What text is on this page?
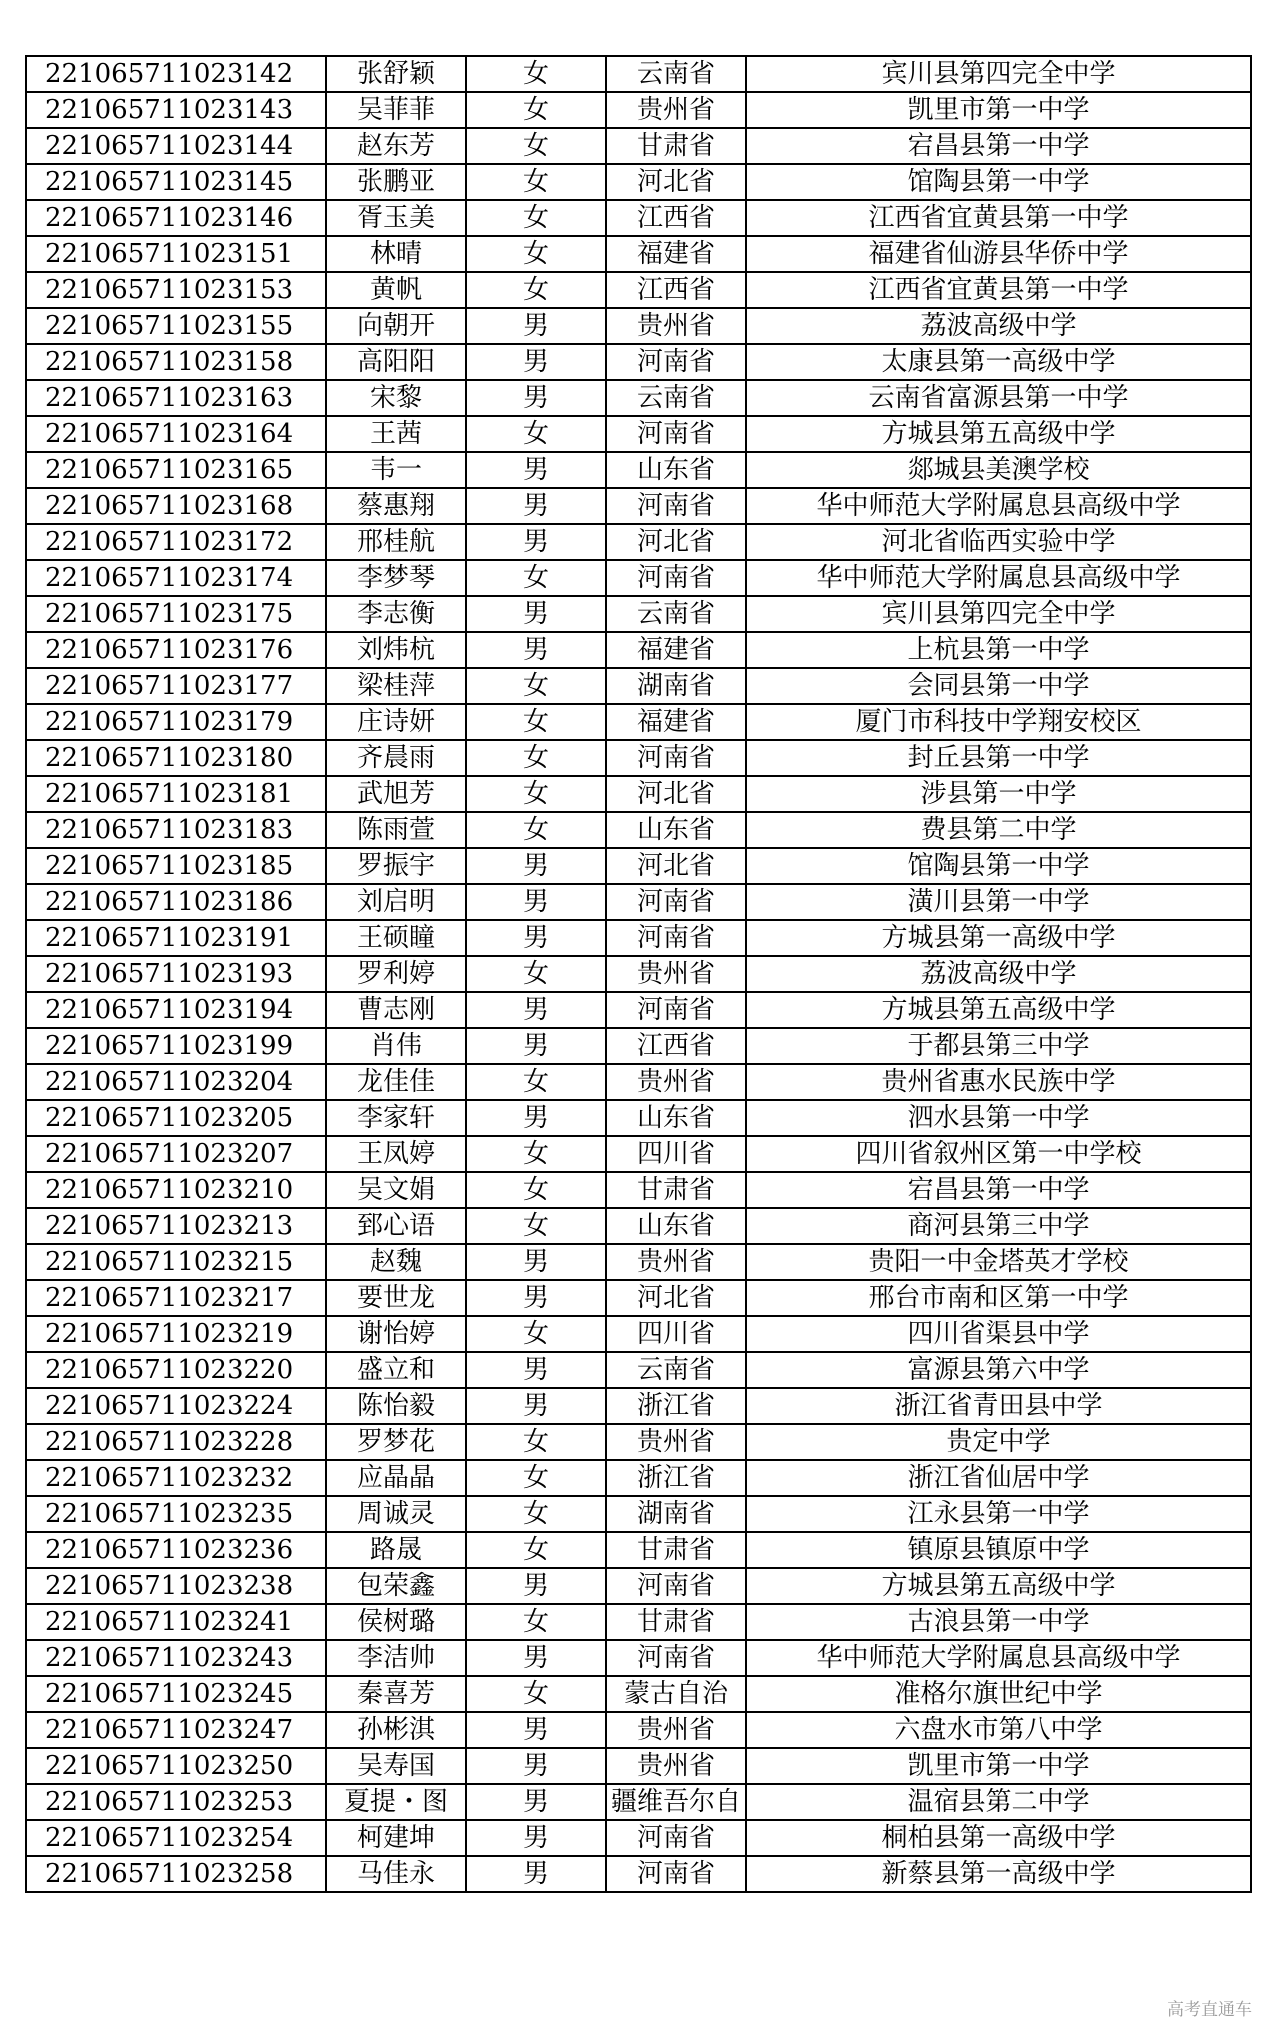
221065711023142	张舒颖	女	云南省	宾川县第四完全中学
221065711023143	吴菲菲	女	贵州省	凯里市第一中学
221065711023144	赵东芳	女	甘肃省	宕昌县第一中学
221065711023145	张鹏亚	女	河北省	馆陶县第一中学
221065711023146	胥玉美	女	江西省	江西省宜黄县第一中学
221065711023151	林晴	女	福建省	福建省仙游县华侨中学
221065711023153	黄帆	女	江西省	江西省宜黄县第一中学
221065711023155	向朝开	男	贵州省	荔波高级中学
221065711023158	高阳阳	男	河南省	太康县第一高级中学
221065711023163	宋黎	男	云南省	云南省富源县第一中学
221065711023164	王茜	女	河南省	方城县第五高级中学
221065711023165	韦一	男	山东省	郯城县美澳学校
221065711023168	蔡惠翔	男	河南省	华中师范大学附属息县高级中学
221065711023172	邢桂航	男	河北省	河北省临西实验中学
221065711023174	李梦琴	女	河南省	华中师范大学附属息县高级中学
221065711023175	李志衡	男	云南省	宾川县第四完全中学
221065711023176	刘炜杭	男	福建省	上杭县第一中学
221065711023177	梁桂萍	女	湖南省	会同县第一中学
221065711023179	庄诗妍	女	福建省	厦门市科技中学翔安校区
221065711023180	齐晨雨	女	河南省	封丘县第一中学
221065711023181	武旭芳	女	河北省	涉县第一中学
221065711023183	陈雨萱	女	山东省	费县第二中学
221065711023185	罗振宇	男	河北省	馆陶县第一中学
221065711023186	刘启明	男	河南省	潢川县第一中学
221065711023191	王硕瞳	男	河南省	方城县第一高级中学
221065711023193	罗利婷	女	贵州省	荔波高级中学
221065711023194	曹志刚	男	河南省	方城县第五高级中学
221065711023199	肖伟	男	江西省	于都县第三中学
221065711023204	龙佳佳	女	贵州省	贵州省惠水民族中学
221065711023205	李家轩	男	山东省	泗水县第一中学
221065711023207	王凤婷	女	四川省	四川省叙州区第一中学校
221065711023210	吴文娟	女	甘肃省	宕昌县第一中学
221065711023213	郅心语	女	山东省	商河县第三中学
221065711023215	赵魏	男	贵州省	贵阳一中金塔英才学校
221065711023217	要世龙	男	河北省	邢台市南和区第一中学
221065711023219	谢怡婷	女	四川省	四川省渠县中学
221065711023220	盛立和	男	云南省	富源县第六中学
221065711023224	陈怡毅	男	浙江省	浙江省青田县中学
221065711023228	罗梦花	女	贵州省	贵定中学
221065711023232	应晶晶	女	浙江省	浙江省仙居中学
221065711023235	周诚灵	女	湖南省	江永县第一中学
221065711023236	路晟	女	甘肃省	镇原县镇原中学
221065711023238	包荣鑫	男	河南省	方城县第五高级中学
221065711023241	侯树璐	女	甘肃省	古浪县第一中学
221065711023243	李洁帅	男	河南省	华中师范大学附属息县高级中学
221065711023245	秦喜芳	女	蒙古自治	准格尔旗世纪中学
221065711023247	孙彬淇	男	贵州省	六盘水市第八中学
221065711023250	吴寿国	男	贵州省	凯里市第一中学
221065711023253	夏提・图	男	疆维吾尔自	温宿县第二中学
221065711023254	柯建坤	男	河南省	桐柏县第一高级中学
221065711023258	马佳永	男	河南省	新蔡县第一高级中学
高考直通车
